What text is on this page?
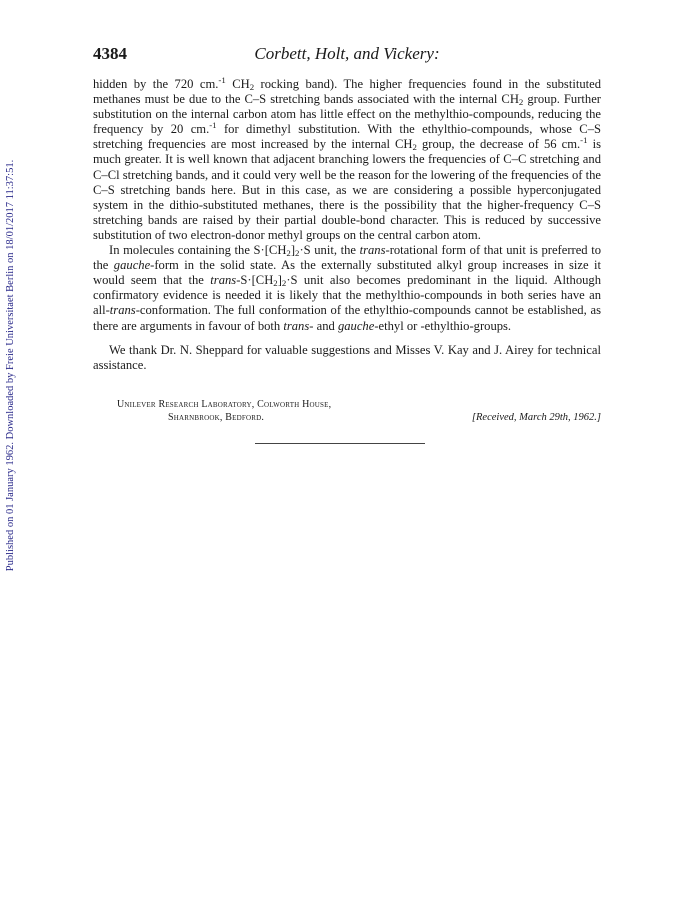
Published on 01 January 1962. Downloaded by Freie Universitaet Berlin on 18/01/2017 11:37:51.
4384	Corbett, Holt, and Vickery:

hidden by the 720 cm.$^{-1}$ $CH_2$ rocking band). The higher frequencies found in the substituted methanes must be due to the C–S stretching bands associated with the internal $CH_2$ group. Further substitution on the internal carbon atom has little effect on the methylthio-compounds, reducing the frequency by 20 cm.$^{-1}$ for dimethyl substitution. With the ethylthio-compounds, whose C–S stretching frequencies are most increased by the internal $CH_2$ group, the decrease of 56 cm.$^{-1}$ is much greater. It is well known that adjacent branching lowers the frequencies of C–C stretching and C–Cl stretching bands, and it could very well be the reason for the lowering of the frequencies of the C–S stretching bands here. But in this case, as we are considering a possible hyperconjugated system in the dithio-substituted methanes, there is the possibility that the higher-frequency C–S stretching bands are raised by their partial double-bond character. This is reduced by successive substitution of two electron-donor methyl groups on the central carbon atom.

In molecules containing the $S\cdot[CH_2]_2\cdot S$ unit, the trans-rotational form of that unit is preferred to the gauche-form in the solid state. As the externally substituted alkyl group increases in size it would seem that the trans-$S\cdot[CH_2]_2\cdot S$ unit also becomes predominant in the liquid. Although confirmatory evidence is needed it is likely that the methylthio-compounds in both series have an all-trans-conformation. The full conformation of the ethylthio-compounds cannot be established, as there are arguments in favour of both trans- and gauche-ethyl or -ethylthio-groups.

We thank Dr. N. Sheppard for valuable suggestions and Misses V. Kay and J. Airey for technical assistance.

Unilever Research Laboratory, Colworth House,
Sharnbrook, Bedford.	[Received, March 29th, 1962.]
